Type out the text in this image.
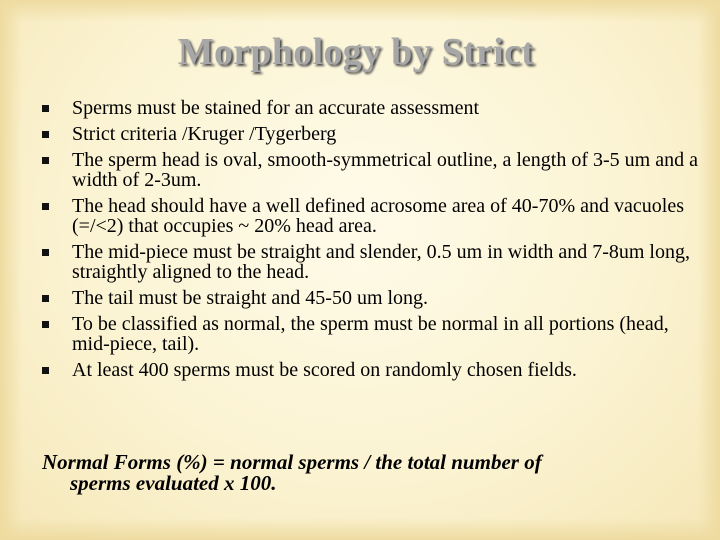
Morphology by Strict
Sperms must be stained for an accurate assessment
Strict criteria /Kruger /Tygerberg
The sperm head is oval, smooth-symmetrical outline, a length of 3-5 um and a width of 2-3um.
The head should have a well defined acrosome area of 40-70% and vacuoles (=/<2) that occupies ~ 20% head area.
The mid-piece must be straight and slender, 0.5 um in width and 7-8um long, straightly aligned to the head.
The tail must be straight and 45-50 um long.
To be classified as normal, the sperm must be normal in all portions (head, mid-piece, tail).
At least 400 sperms must be scored on randomly chosen fields.

Normal Forms (%) = normal sperms / the total number of
sperms evaluated x 100.
